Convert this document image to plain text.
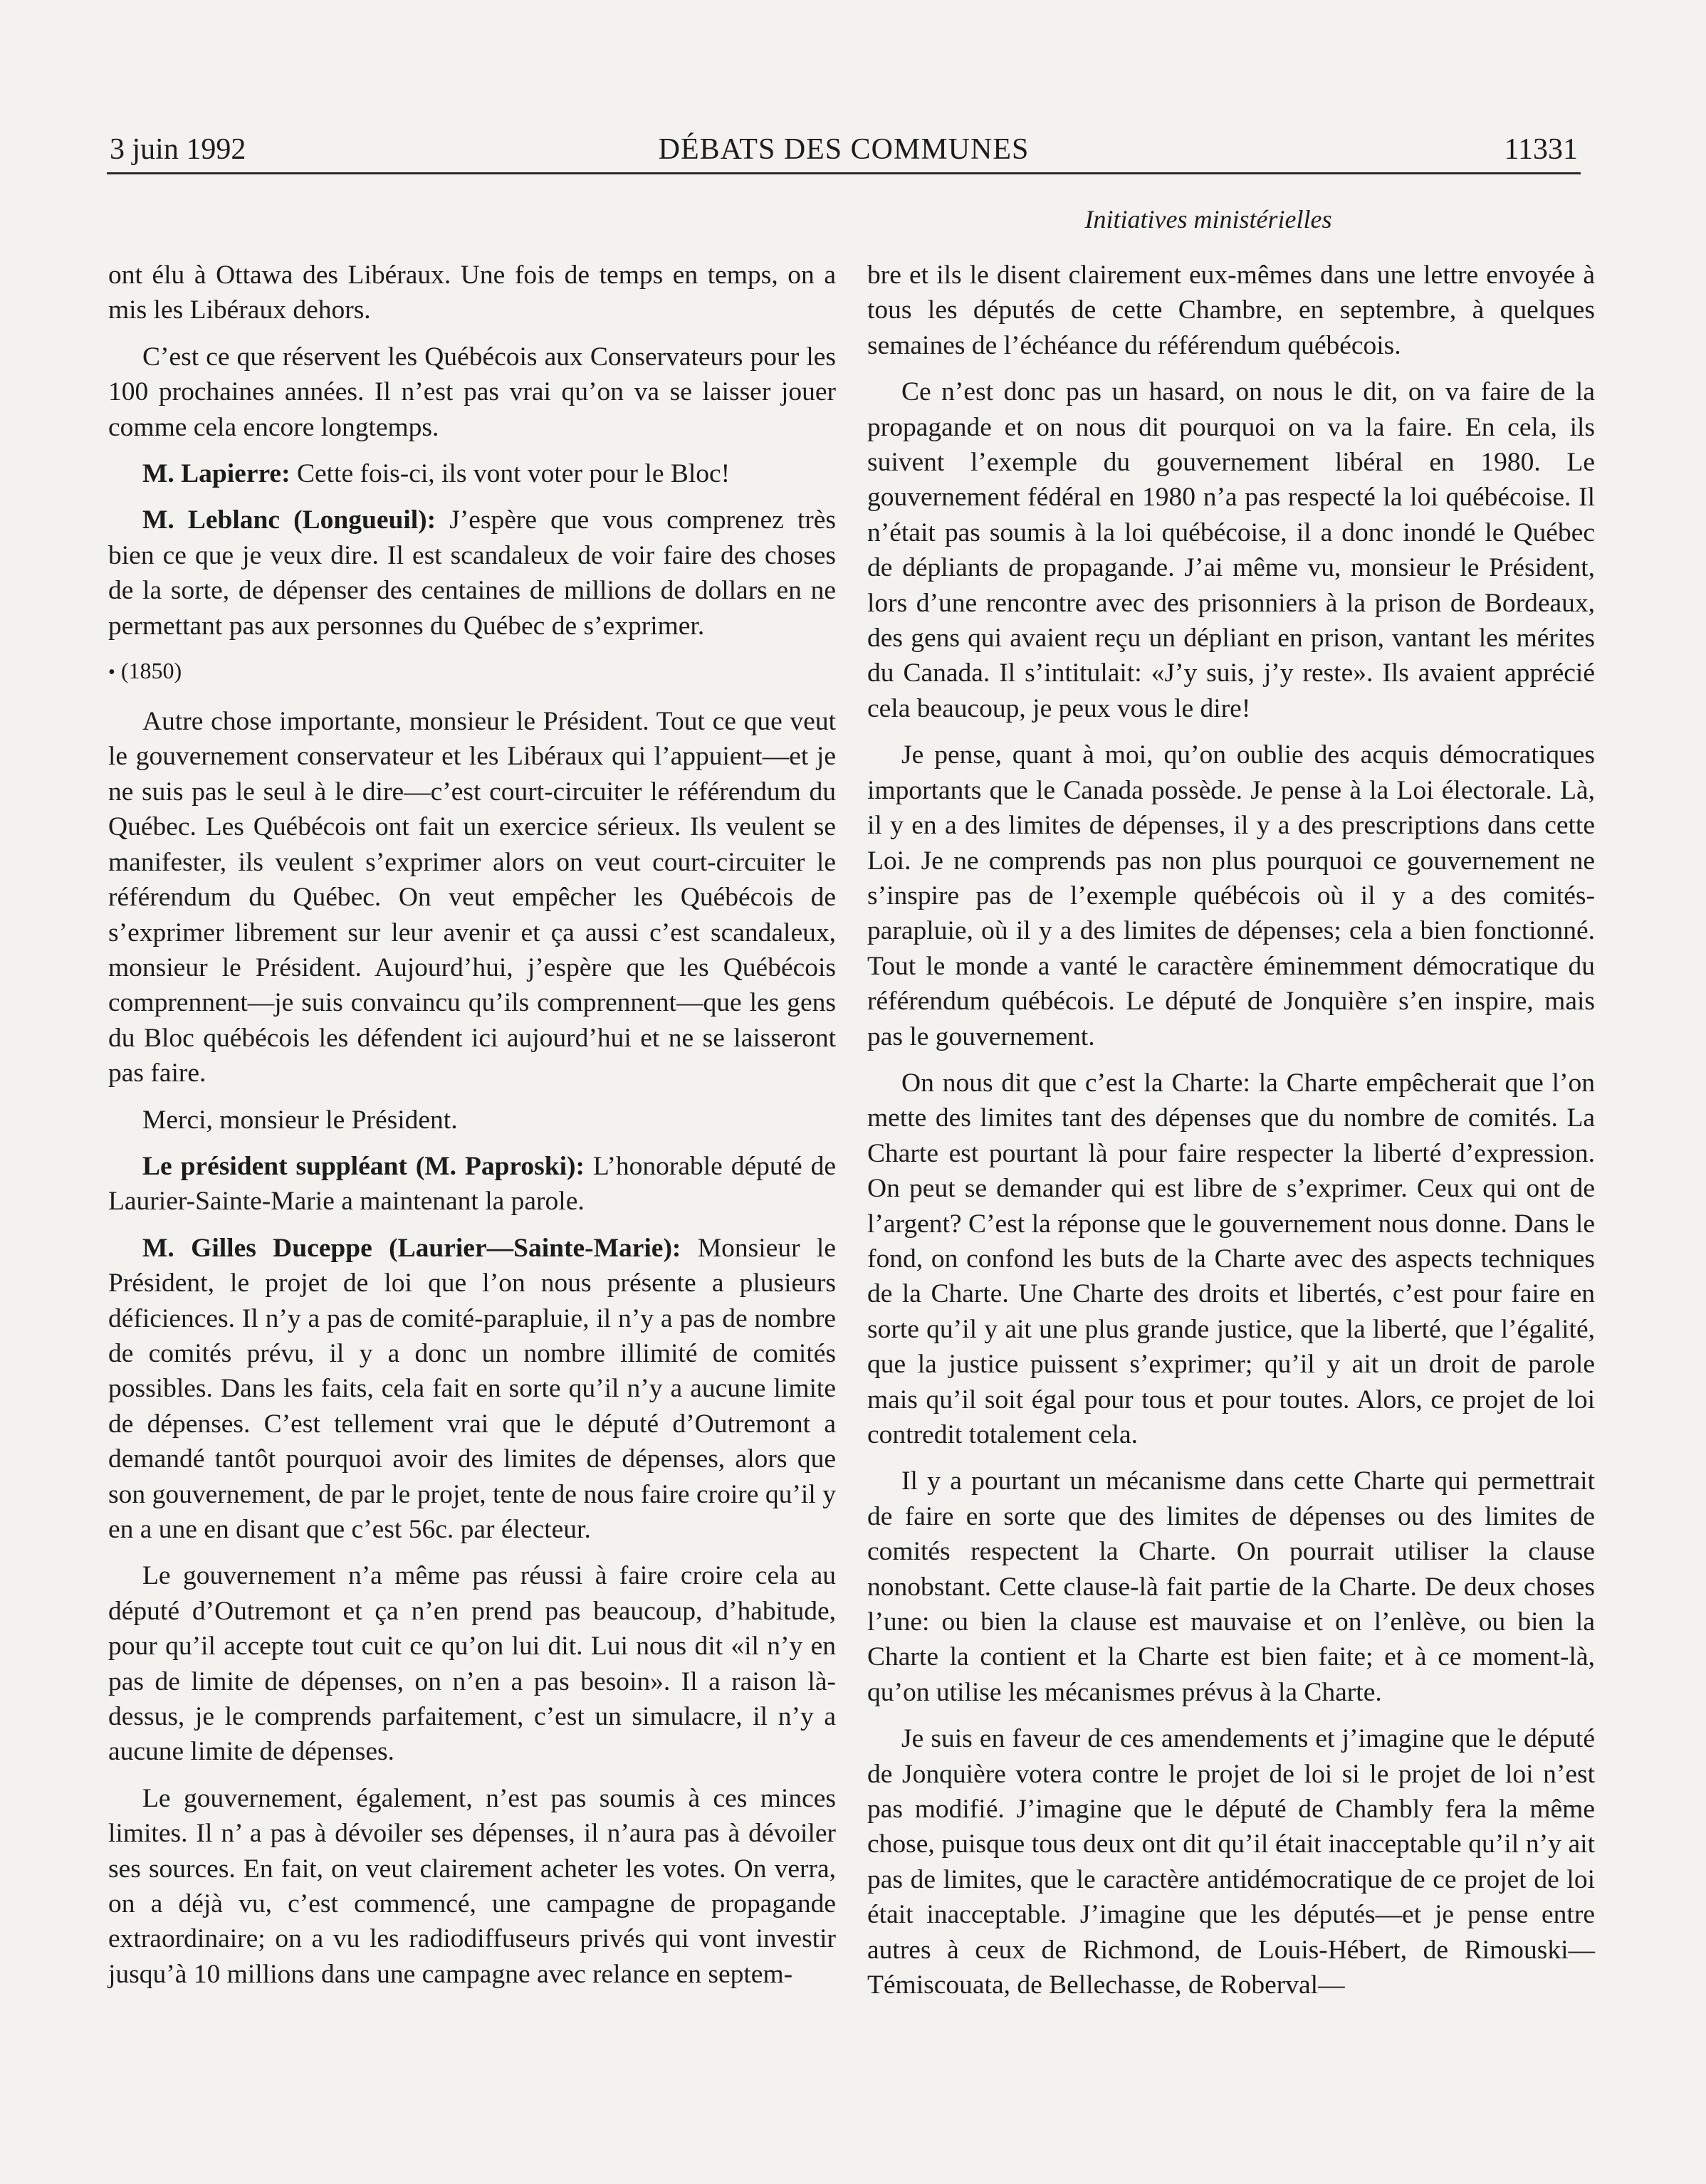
3 juin 1992	DÉBATS DES COMMUNES	11331
Initiatives ministérielles

ont élu à Ottawa des Libéraux. Une fois de temps en temps, on a mis les Libéraux dehors.

C’est ce que réservent les Québécois aux Conservateurs pour les 100 prochaines années. Il n’est pas vrai qu’on va se laisser jouer comme cela encore longtemps.

M. Lapierre: Cette fois-ci, ils vont voter pour le Bloc!

M. Leblanc (Longueuil): J’espère que vous comprenez très bien ce que je veux dire. Il est scandaleux de voir faire des choses de la sorte, de dépenser des centaines de millions de dollars en ne permettant pas aux personnes du Québec de s’exprimer.

• (1850)

Autre chose importante, monsieur le Président. Tout ce que veut le gouvernement conservateur et les Libéraux qui l’appuient—et je ne suis pas le seul à le dire—c’est court-circuiter le référendum du Québec. Les Québécois ont fait un exercice sérieux. Ils veulent se manifester, ils veulent s’exprimer alors on veut court-circuiter le référendum du Québec. On veut empêcher les Québécois de s’exprimer librement sur leur avenir et ça aussi c’est scandaleux, monsieur le Président. Aujourd’hui, j’espère que les Québécois comprennent—je suis convaincu qu’ils comprennent—que les gens du Bloc québécois les défendent ici aujourd’hui et ne se laisseront pas faire.

Merci, monsieur le Président.

Le président suppléant (M. Paproski): L’honorable député de Laurier-Sainte-Marie a maintenant la parole.

M. Gilles Duceppe (Laurier—Sainte-Marie): Monsieur le Président, le projet de loi que l’on nous présente a plusieurs déficiences. Il n’y a pas de comité-parapluie, il n’y a pas de nombre de comités prévu, il y a donc un nombre illimité de comités possibles. Dans les faits, cela fait en sorte qu’il n’y a aucune limite de dépenses. C’est tellement vrai que le député d’Outremont a demandé tantôt pourquoi avoir des limites de dépenses, alors que son gouvernement, de par le projet, tente de nous faire croire qu’il y en a une en disant que c’est 56c. par électeur.

Le gouvernement n’a même pas réussi à faire croire cela au député d’Outremont et ça n’en prend pas beaucoup, d’habitude, pour qu’il accepte tout cuit ce qu’on lui dit. Lui nous dit «il n’y en pas de limite de dépenses, on n’en a pas besoin». Il a raison là-dessus, je le comprends parfaitement, c’est un simulacre, il n’y a aucune limite de dépenses.

Le gouvernement, également, n’est pas soumis à ces minces limites. Il n’ a pas à dévoiler ses dépenses, il n’aura pas à dévoiler ses sources. En fait, on veut clairement acheter les votes. On verra, on a déjà vu, c’est commencé, une campagne de propagande extraordinaire; on a vu les radiodiffuseurs privés qui vont investir jusqu’à 10 millions dans une campagne avec relance en septem-

bre et ils le disent clairement eux-mêmes dans une lettre envoyée à tous les députés de cette Chambre, en septembre, à quelques semaines de l’échéance du référendum québécois.

Ce n’est donc pas un hasard, on nous le dit, on va faire de la propagande et on nous dit pourquoi on va la faire. En cela, ils suivent l’exemple du gouvernement libéral en 1980. Le gouvernement fédéral en 1980 n’a pas respecté la loi québécoise. Il n’était pas soumis à la loi québécoise, il a donc inondé le Québec de dépliants de propagande. J’ai même vu, monsieur le Président, lors d’une rencontre avec des prisonniers à la prison de Bordeaux, des gens qui avaient reçu un dépliant en prison, vantant les mérites du Canada. Il s’intitulait: «J’y suis, j’y reste». Ils avaient apprécié cela beaucoup, je peux vous le dire!

Je pense, quant à moi, qu’on oublie des acquis démocratiques importants que le Canada possède. Je pense à la Loi électorale. Là, il y en a des limites de dépenses, il y a des prescriptions dans cette Loi. Je ne comprends pas non plus pourquoi ce gouvernement ne s’inspire pas de l’exemple québécois où il y a des comités-parapluie, où il y a des limites de dépenses; cela a bien fonctionné. Tout le monde a vanté le caractère éminemment démocratique du référendum québécois. Le député de Jonquière s’en inspire, mais pas le gouvernement.

On nous dit que c’est la Charte: la Charte empêcherait que l’on mette des limites tant des dépenses que du nombre de comités. La Charte est pourtant là pour faire respecter la liberté d’expression. On peut se demander qui est libre de s’exprimer. Ceux qui ont de l’argent? C’est la réponse que le gouvernement nous donne. Dans le fond, on confond les buts de la Charte avec des aspects techniques de la Charte. Une Charte des droits et libertés, c’est pour faire en sorte qu’il y ait une plus grande justice, que la liberté, que l’égalité, que la justice puissent s’exprimer; qu’il y ait un droit de parole mais qu’il soit égal pour tous et pour toutes. Alors, ce projet de loi contredit totalement cela.

Il y a pourtant un mécanisme dans cette Charte qui permettrait de faire en sorte que des limites de dépenses ou des limites de comités respectent la Charte. On pourrait utiliser la clause nonobstant. Cette clause-là fait partie de la Charte. De deux choses l’une: ou bien la clause est mauvaise et on l’enlève, ou bien la Charte la contient et la Charte est bien faite; et à ce moment-là, qu’on utilise les mécanismes prévus à la Charte.

Je suis en faveur de ces amendements et j’imagine que le député de Jonquière votera contre le projet de loi si le projet de loi n’est pas modifié. J’imagine que le député de Chambly fera la même chose, puisque tous deux ont dit qu’il était inacceptable qu’il n’y ait pas de limites, que le caractère antidémocratique de ce projet de loi était inacceptable. J’imagine que les députés—et je pense entre autres à ceux de Richmond, de Louis-Hébert, de Rimouski—Témiscouata, de Bellechasse, de Roberval—
